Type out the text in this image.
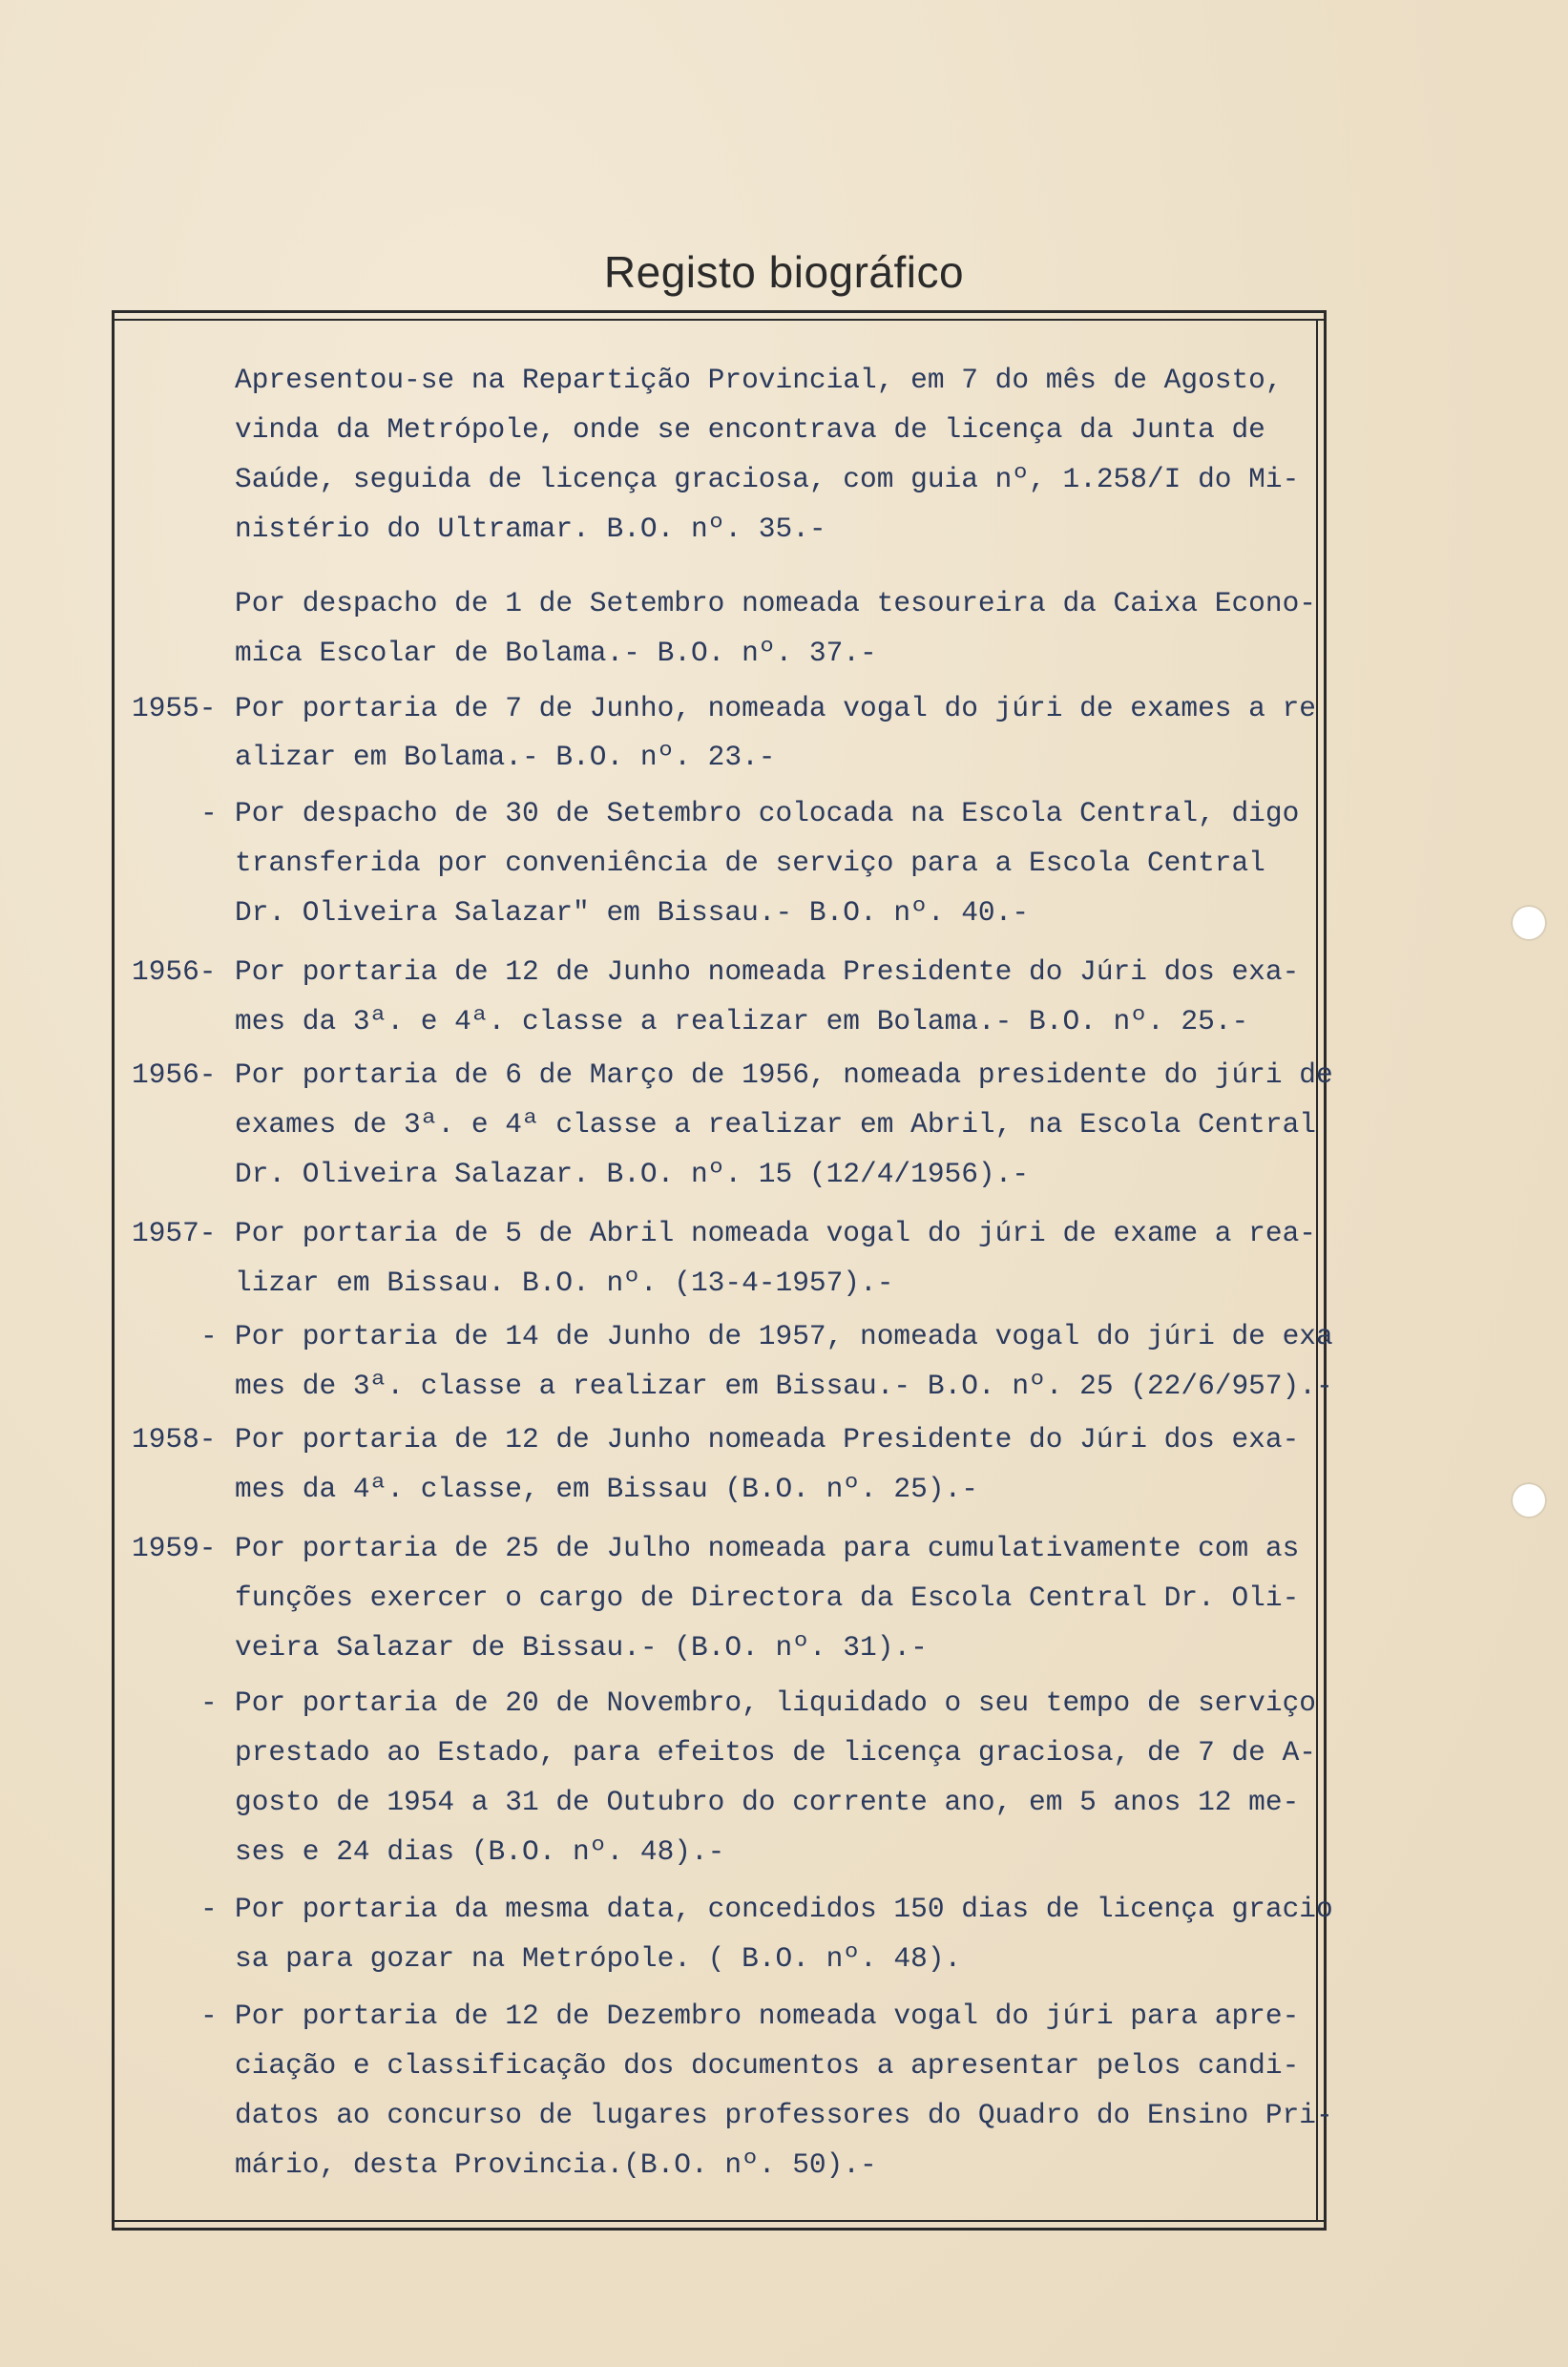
Registo biográfico
Apresentou-se na Repartição Provincial, em 7 do mês de Agosto,
vinda da Metrópole, onde se encontrava de licença da Junta de
Saúde, seguida de licença graciosa, com guia nº, 1.258/I do Mi-
nistério do Ultramar. B.O. nº. 35.-
Por despacho de 1 de Setembro nomeada tesoureira da Caixa Econo-
mica Escolar de Bolama.- B.O. nº. 37.-
1955- Por portaria de 7 de Junho, nomeada vogal do júri de exames a re
alizar em Bolama.- B.O. nº. 23.-
- Por despacho de 30 de Setembro colocada na Escola Central, digo
transferida por conveniência de serviço para a Escola Central
Dr. Oliveira Salazar" em Bissau.- B.O. nº. 40.-
1956- Por portaria de 12 de Junho nomeada Presidente do Júri dos exa-
mes da 3ª. e 4ª. classe a realizar em Bolama.- B.O. nº. 25.-
1956- Por portaria de 6 de Março de 1956, nomeada presidente do júri de
exames de 3ª. e 4ª classe a realizar em Abril, na Escola Central
Dr. Oliveira Salazar. B.O. nº. 15 (12/4/1956).-
1957- Por portaria de 5 de Abril nomeada vogal do júri de exame a rea-
lizar em Bissau. B.O. nº. (13-4-1957).-
- Por portaria de 14 de Junho de 1957, nomeada vogal do júri de exa
mes de 3ª. classe a realizar em Bissau.- B.O. nº. 25 (22/6/957).-
1958- Por portaria de 12 de Junho nomeada Presidente do Júri dos exa-
mes da 4ª. classe, em Bissau (B.O. nº. 25).-
1959- Por portaria de 25 de Julho nomeada para cumulativamente com as
funções exercer o cargo de Directora da Escola Central Dr. Oli-
veira Salazar de Bissau.- (B.O. nº. 31).-
- Por portaria de 20 de Novembro, liquidado o seu tempo de serviço
prestado ao Estado, para efeitos de licença graciosa, de 7 de A-
gosto de 1954 a 31 de Outubro do corrente ano, em 5 anos 12 me-
ses e 24 dias (B.O. nº. 48).-
- Por portaria da mesma data, concedidos 150 dias de licença gracio
sa para gozar na Metrópole. ( B.O. nº. 48).
- Por portaria de 12 de Dezembro nomeada vogal do júri para apre-
ciação e classificação dos documentos a apresentar pelos candi-
datos ao concurso de lugares professores do Quadro do Ensino Pri-
mário, desta Provincia.(B.O. nº. 50).-
